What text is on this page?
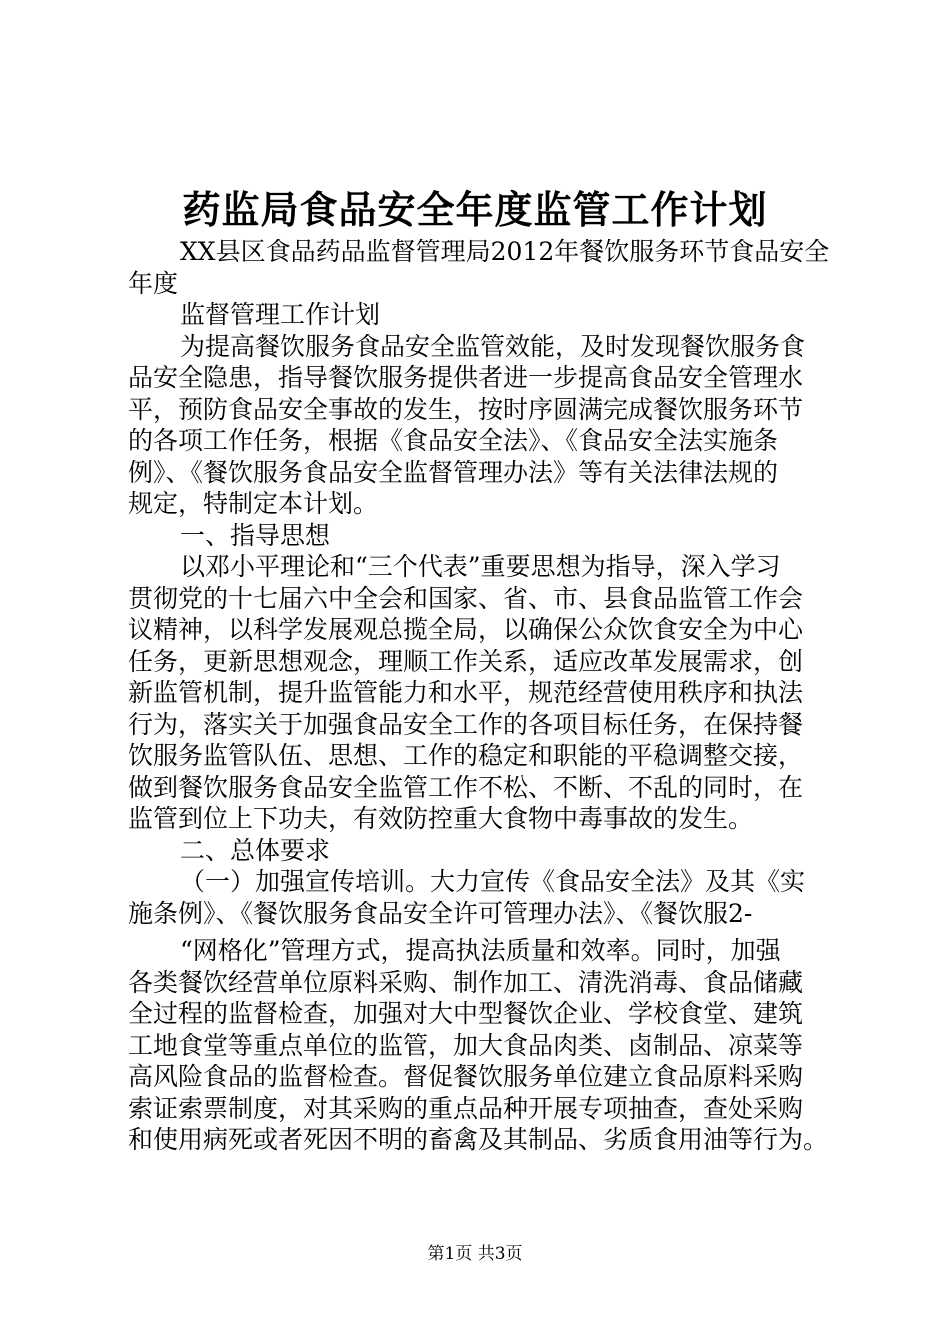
药监局食品安全年度监管工作计划
XX县区食品药品监督管理局2012年餐饮服务环节食品安全
年度
监督管理工作计划
为提高餐饮服务食品安全监管效能，及时发现餐饮服务食
品安全隐患，指导餐饮服务提供者进一步提高食品安全管理水
平，预防食品安全事故的发生，按时序圆满完成餐饮服务环节
的各项工作任务，根据《食品安全法》、《食品安全法实施条
例》、《餐饮服务食品安全监督管理办法》等有关法律法规的
规定，特制定本计划。
一、指导思想
以邓小平理论和“三个代表”重要思想为指导，深入学习
贯彻党的十七届六中全会和国家、省、市、县食品监管工作会
议精神，以科学发展观总揽全局，以确保公众饮食安全为中心
任务，更新思想观念，理顺工作关系，适应改革发展需求，创
新监管机制，提升监管能力和水平，规范经营使用秩序和执法
行为，落实关于加强食品安全工作的各项目标任务，在保持餐
饮服务监管队伍、思想、工作的稳定和职能的平稳调整交接，
做到餐饮服务食品安全监管工作不松、不断、不乱的同时，在
监管到位上下功夫，有效防控重大食物中毒事故的发生。
二、总体要求
（一）加强宣传培训。大力宣传《食品安全法》及其《实
施条例》、《餐饮服务食品安全许可管理办法》、《餐饮服2-
“网格化”管理方式，提高执法质量和效率。同时，加强
各类餐饮经营单位原料采购、制作加工、清洗消毒、食品储藏
全过程的监督检查，加强对大中型餐饮企业、学校食堂、建筑
工地食堂等重点单位的监管，加大食品肉类、卤制品、凉菜等
高风险食品的监督检查。督促餐饮服务单位建立食品原料采购
索证索票制度，对其采购的重点品种开展专项抽查，查处采购
和使用病死或者死因不明的畜禽及其制品、劣质食用油等行为。
第1页 共3页
